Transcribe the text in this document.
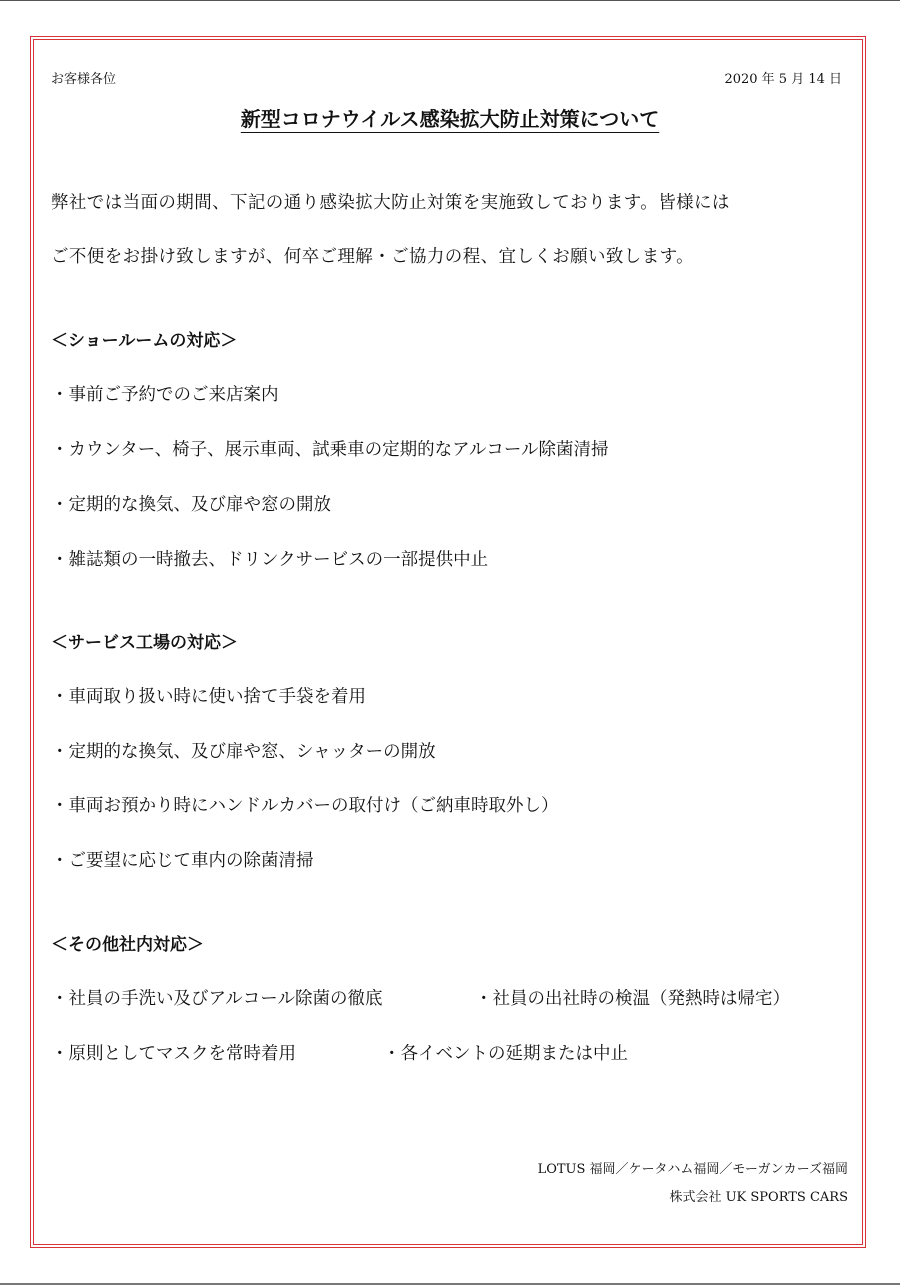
お客様各位	2020 年 5 月 14 日
新型コロナウイルス感染拡大防止対策について
弊社では当面の期間、下記の通り感染拡大防止対策を実施致しております。皆様には
ご不便をお掛け致しますが、何卒ご理解・ご協力の程、宜しくお願い致します。
＜ショールームの対応＞
・事前ご予約でのご来店案内
・カウンター、椅子、展示車両、試乗車の定期的なアルコール除菌清掃
・定期的な換気、及び扉や窓の開放
・雑誌類の一時撤去、ドリンクサービスの一部提供中止
＜サービス工場の対応＞
・車両取り扱い時に使い捨て手袋を着用
・定期的な換気、及び扉や窓、シャッターの開放
・車両お預かり時にハンドルカバーの取付け（ご納車時取外し）
・ご要望に応じて車内の除菌清掃
＜その他社内対応＞
・社員の手洗い及びアルコール除菌の徹底	・社員の出社時の検温（発熱時は帰宅）
・原則としてマスクを常時着用	・各イベントの延期または中止
LOTUS 福岡／ケータハム福岡／モーガンカーズ福岡
株式会社 UK SPORTS CARS
